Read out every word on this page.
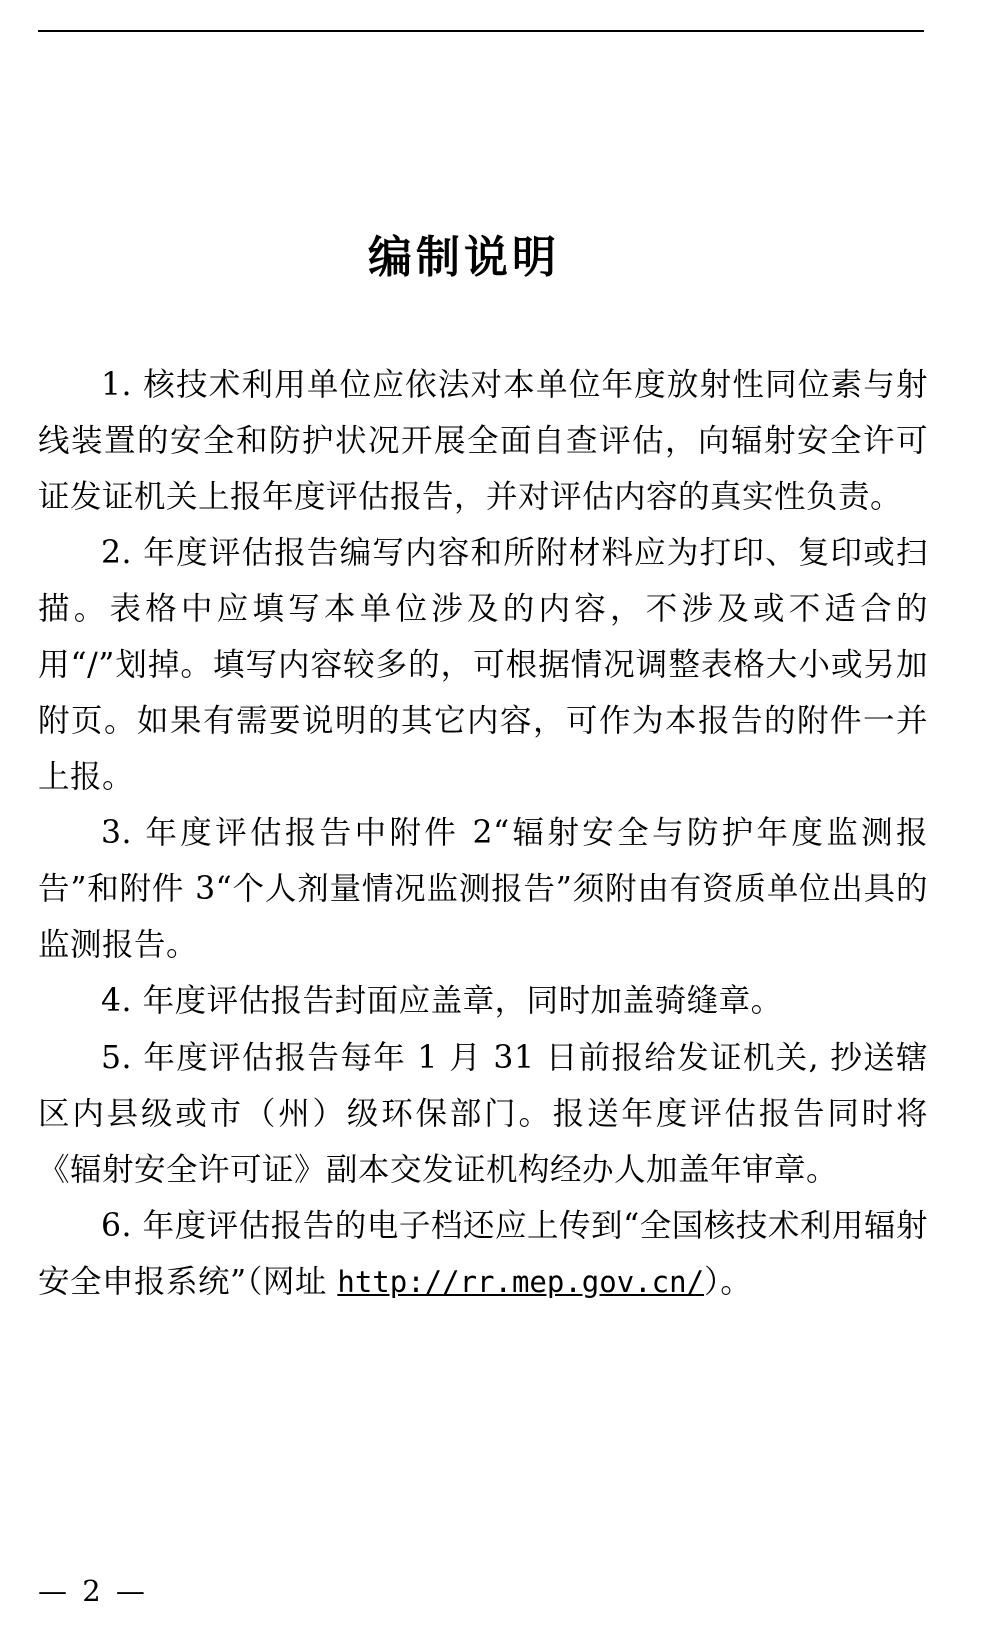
编制说明

1. 核技术利用单位应依法对本单位年度放射性同位素与射线装置的安全和防护状况开展全面自查评估，向辐射安全许可证发证机关上报年度评估报告，并对评估内容的真实性负责。

2. 年度评估报告编写内容和所附材料应为打印、复印或扫描。表格中应填写本单位涉及的内容，不涉及或不适合的用“/”划掉。填写内容较多的，可根据情况调整表格大小或另加附页。如果有需要说明的其它内容，可作为本报告的附件一并上报。

3. 年度评估报告中附件 2“辐射安全与防护年度监测报告”和附件 3“个人剂量情况监测报告”须附由有资质单位出具的监测报告。

4. 年度评估报告封面应盖章，同时加盖骑缝章。

5. 年度评估报告每年 1 月 31 日前报给发证机关, 抄送辖区内县级或市（州）级环保部门。报送年度评估报告同时将《辐射安全许可证》副本交发证机构经办人加盖年审章。

6. 年度评估报告的电子档还应上传到“全国核技术利用辐射安全申报系统”（网址 http://rr.mep.gov.cn/）。

— 2 —
